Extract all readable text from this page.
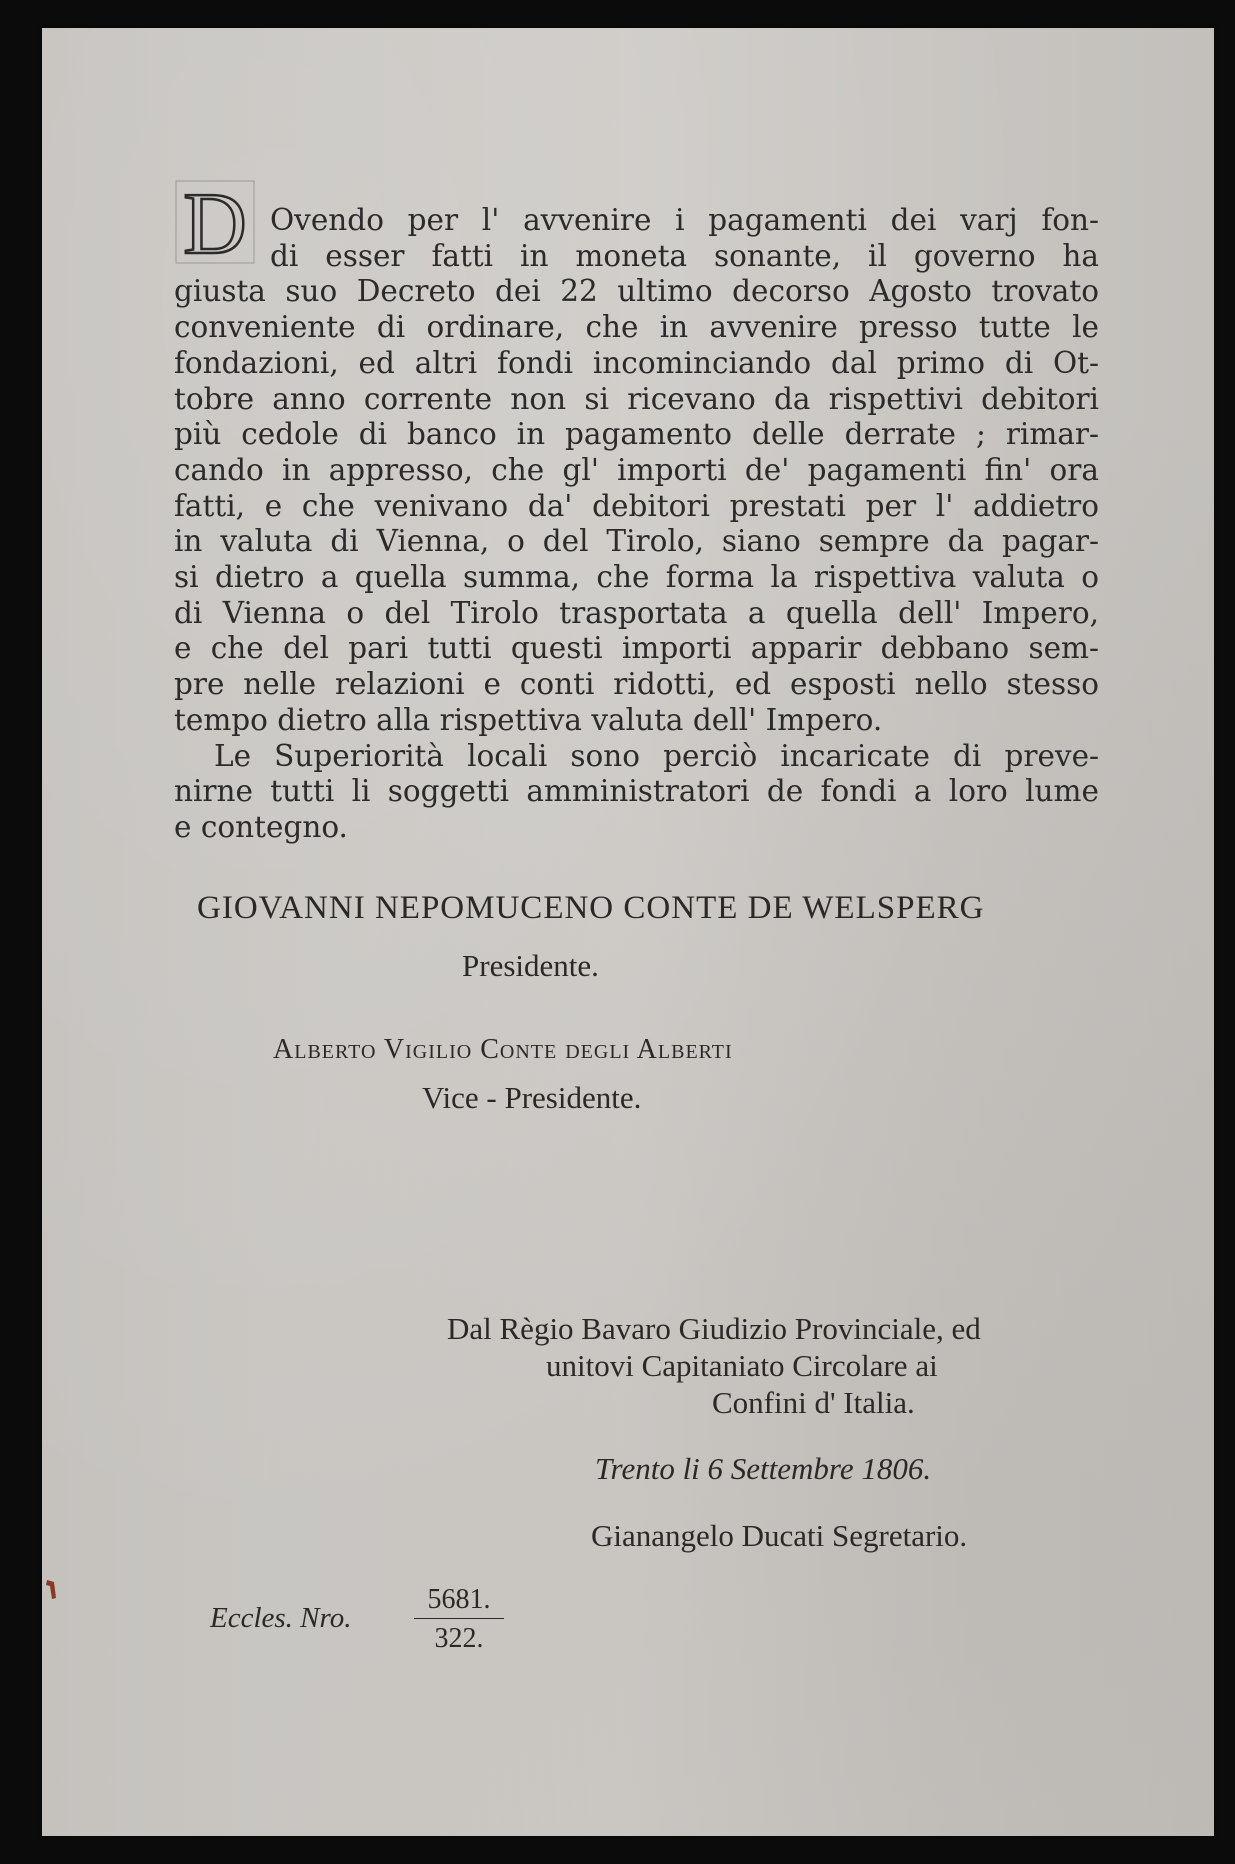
D Ovendo per l' avvenire i pagamenti dei varj fon-
di esser fatti in moneta sonante, il governo ha
giusta suo Decreto dei 22 ultimo decorso Agosto trovato
conveniente di ordinare, che in avvenire presso tutte le
fondazioni, ed altri fondi incominciando dal primo di Ot-
tobre anno corrente non si ricevano da rispettivi debitori
più cedole di banco in pagamento delle derrate ; rimar-
cando in appresso, che gl' importi de' pagamenti fin' ora
fatti, e che venivano da' debitori prestati per l' addietro
in valuta di Vienna, o del Tirolo, siano sempre da pagar-
si dietro a quella summa, che forma la rispettiva valuta o
di Vienna o del Tirolo trasportata a quella dell' Impero,
e che del pari tutti questi importi apparir debbano sem-
pre nelle relazioni e conti ridotti, ed esposti nello stesso
tempo dietro alla rispettiva valuta dell' Impero.
Le Superiorità locali sono perciò incaricate di preve-
nirne tutti li soggetti amministratori de fondi a loro lume
e contegno.
GIOVANNI NEPOMUCENO CONTE DE WELSPERG
Presidente.
Alberto Vigilio Conte degli Alberti
Vice - Presidente.
Dal Règio Bavaro Giudizio Provinciale, ed
unitovi Capitaniato Circolare ai
Confini d' Italia.
Trento li 6 Settembre 1806.
Gianangelo Ducati Segretario.
Eccles. Nro. $\frac{5681.}{322.}$
